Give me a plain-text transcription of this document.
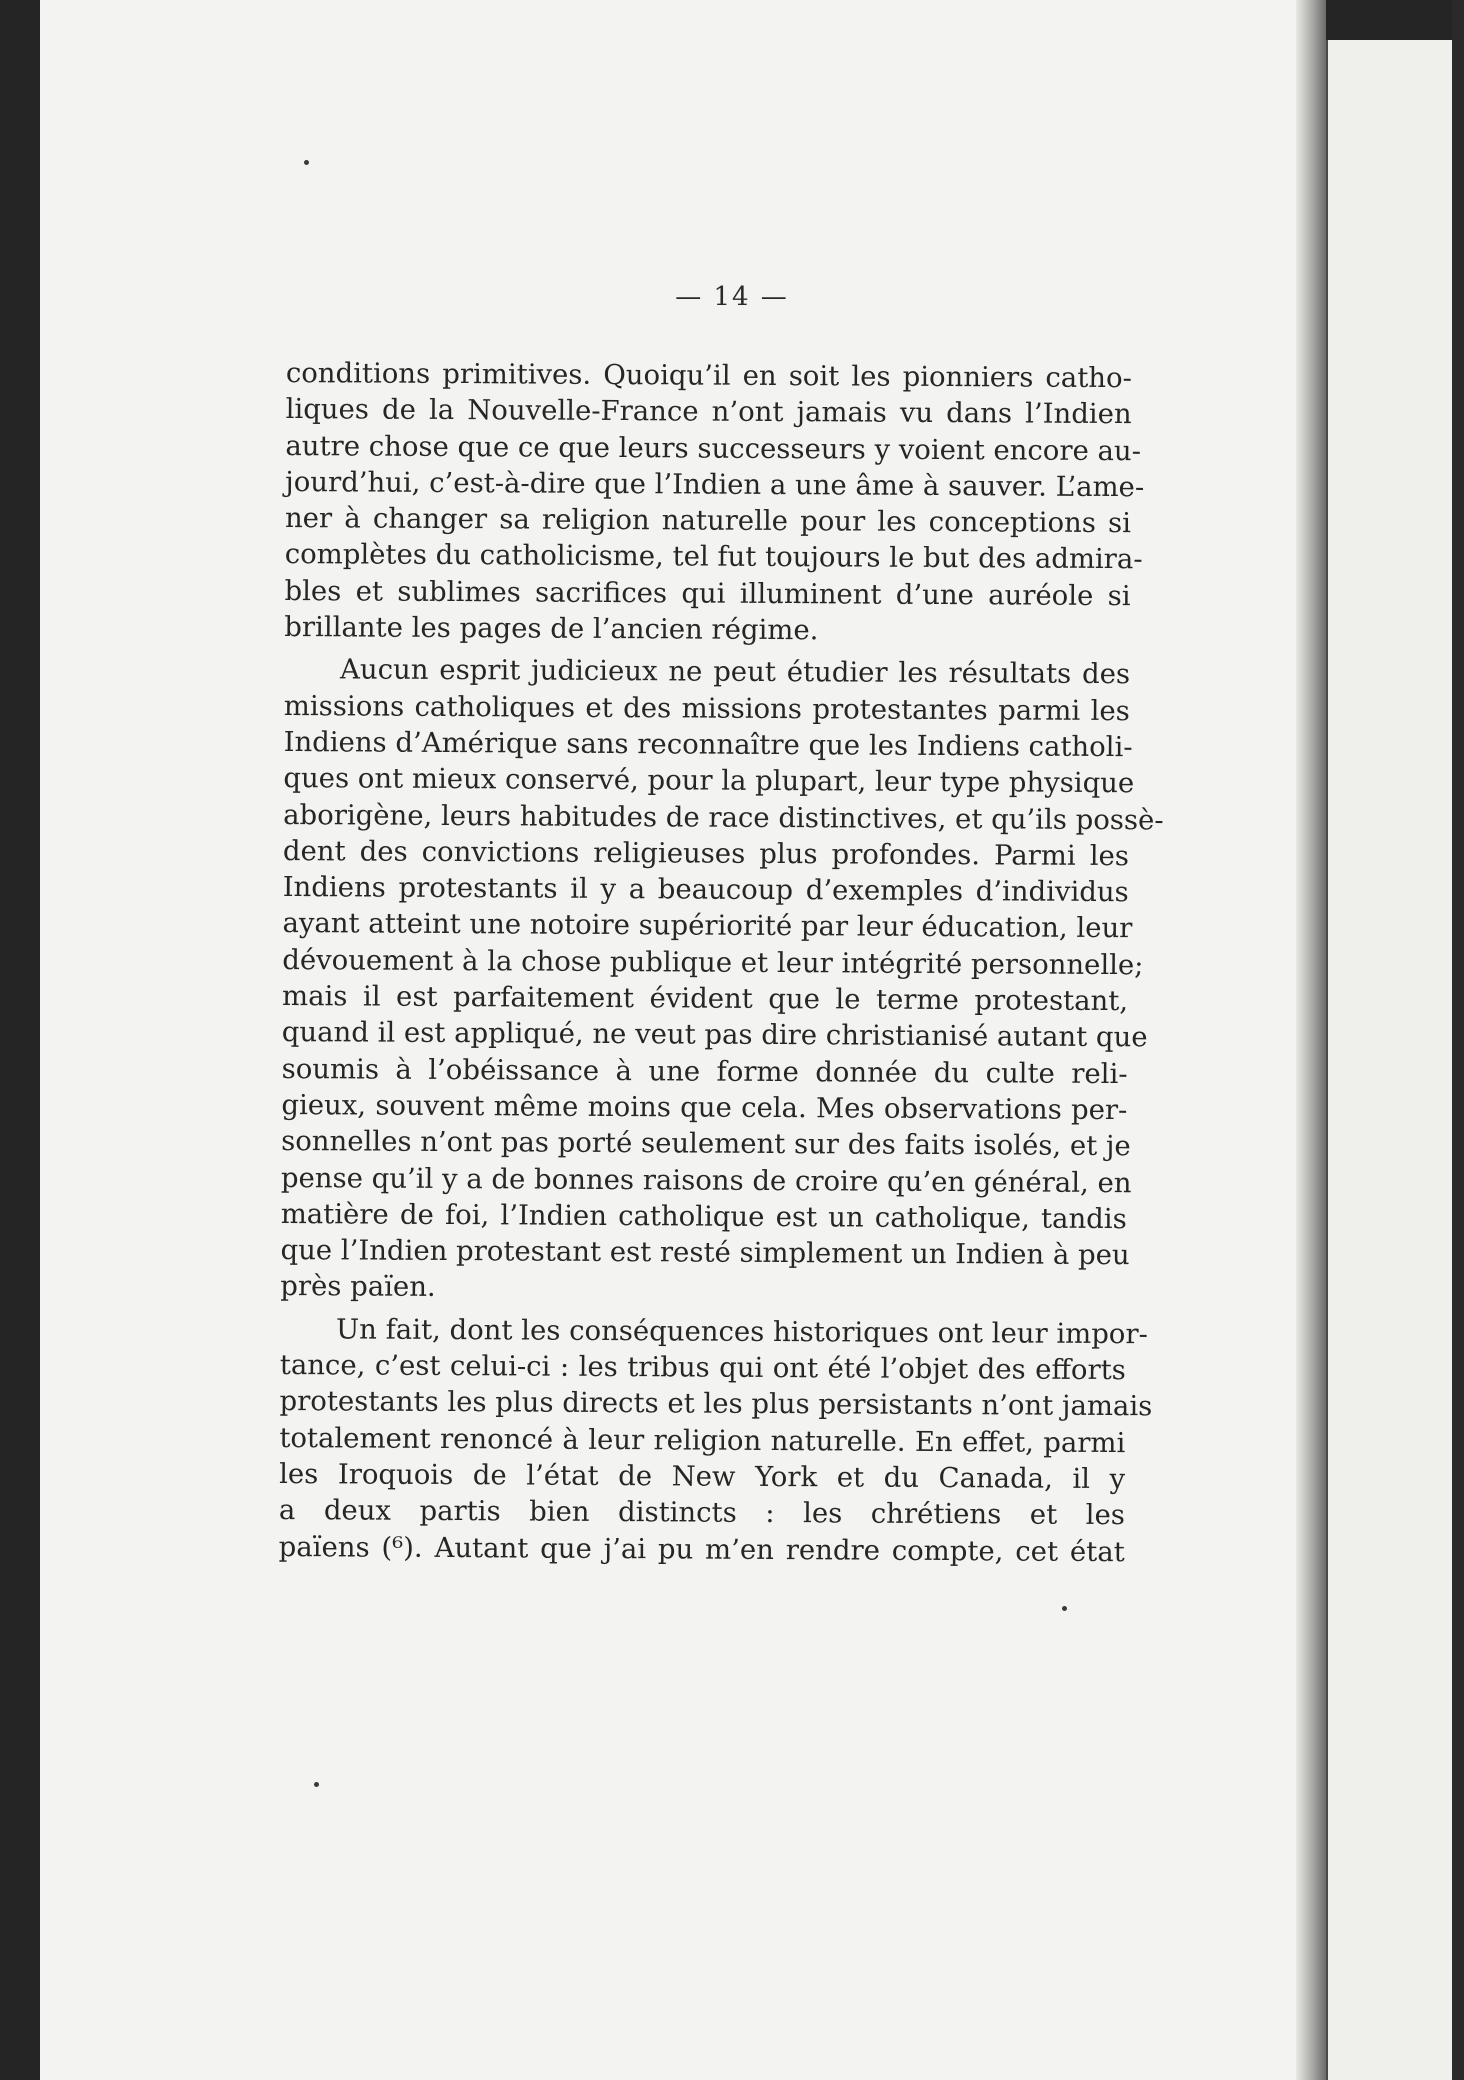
— 14 —
conditions primitives. Quoiqu’il en soit les pionniers catho-
liques de la Nouvelle-France n’ont jamais vu dans l’Indien
autre chose que ce que leurs successeurs y voient encore au-
jourd’hui, c’est-à-dire que l’Indien a une âme à sauver. L’ame-
ner à changer sa religion naturelle pour les conceptions si
complètes du catholicisme, tel fut toujours le but des admira-
bles et sublimes sacrifices qui illuminent d’une auréole si
brillante les pages de l’ancien régime.
Aucun esprit judicieux ne peut étudier les résultats des
missions catholiques et des missions protestantes parmi les
Indiens d’Amérique sans reconnaître que les Indiens catholi-
ques ont mieux conservé, pour la plupart, leur type physique
aborigène, leurs habitudes de race distinctives, et qu’ils possè-
dent des convictions religieuses plus profondes. Parmi les
Indiens protestants il y a beaucoup d’exemples d’individus
ayant atteint une notoire supériorité par leur éducation, leur
dévouement à la chose publique et leur intégrité personnelle;
mais il est parfaitement évident que le terme protestant,
quand il est appliqué, ne veut pas dire christianisé autant que
soumis à l’obéissance à une forme donnée du culte reli-
gieux, souvent même moins que cela. Mes observations per-
sonnelles n’ont pas porté seulement sur des faits isolés, et je
pense qu’il y a de bonnes raisons de croire qu’en général, en
matière de foi, l’Indien catholique est un catholique, tandis
que l’Indien protestant est resté simplement un Indien à peu
près païen.
Un fait, dont les conséquences historiques ont leur impor-
tance, c’est celui-ci : les tribus qui ont été l’objet des efforts
protestants les plus directs et les plus persistants n’ont jamais
totalement renoncé à leur religion naturelle. En effet, parmi
les Iroquois de l’état de New York et du Canada, il y
a deux partis bien distincts : les chrétiens et les
païens (⁶). Autant que j’ai pu m’en rendre compte, cet état
